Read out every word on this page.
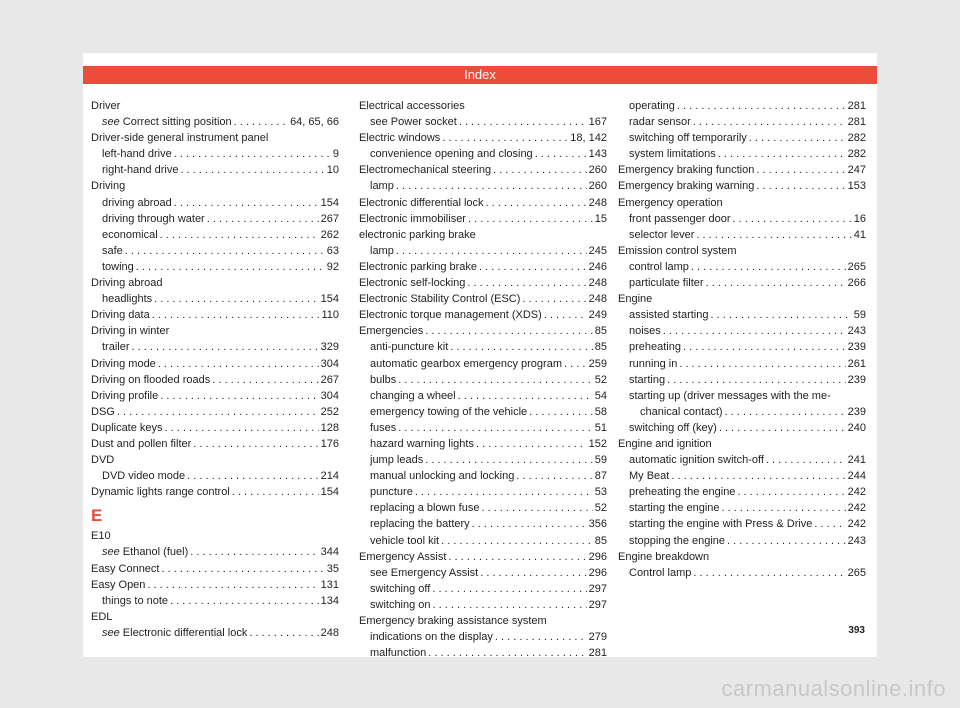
Index
Driver
see Correct sitting position . . .	64, 65, 66
Driver-side general instrument panel
left-hand drive . . .	9
right-hand drive . . .	10
Driving
driving abroad . . .	154
driving through water . . .	267
economical . . .	262
safe . . .	63
towing . . .	92
Driving abroad
headlights . . .	154
Driving data . . .	110
Driving in winter
trailer . . .	329
Driving mode . . .	304
Driving on flooded roads . . .	267
Driving profile . . .	304
DSG . . .	252
Duplicate keys . . .	128
Dust and pollen filter . . .	176
DVD
DVD video mode . . .	214
Dynamic lights range control . . .	154
E
E10
see Ethanol (fuel) . . .	344
Easy Connect . . .	35
Easy Open . . .	131
things to note . . .	134
EDL
see Electronic differential lock . . .	248
Electrical accessories
see Power socket . . .	167
Electric windows . . .	18, 142
convenience opening and closing . . .	143
Electromechanical steering . . .	260
lamp . . .	260
Electronic differential lock . . .	248
Electronic immobiliser . . .	15
electronic parking brake
lamp . . .	245
Electronic parking brake . . .	246
Electronic self-locking . . .	248
Electronic Stability Control (ESC) . . .	248
Electronic torque management (XDS) . . .	249
Emergencies . . .	85
anti-puncture kit . . .	85
automatic gearbox emergency program . . . 259
bulbs . . .	52
changing a wheel . . .	54
emergency towing of the vehicle . . .	58
fuses . . .	51
hazard warning lights . . .	152
jump leads . . .	59
manual unlocking and locking . . .	87
puncture . . .	53
replacing a blown fuse . . .	52
replacing the battery . . .	356
vehicle tool kit . . .	85
Emergency Assist . . .	296
see Emergency Assist . . .	296
switching off . . .	297
switching on . . .	297
Emergency braking assistance system
indications on the display . . .	279
malfunction . . .	281
operating . . .	281
radar sensor . . .	281
switching off temporarily . . .	282
system limitations . . .	282
Emergency braking function . . .	247
Emergency braking warning . . .	153
Emergency operation
front passenger door . . .	16
selector lever . . .	41
Emission control system
control lamp . . .	265
particulate filter . . .	266
Engine
assisted starting . . .	59
noises . . .	243
preheating . . .	239
running in . . .	261
starting . . .	239
starting up (driver messages with the me-
chanical contact) . . .	239
switching off (key) . . .	240
Engine and ignition
automatic ignition switch-off . . .	241
My Beat . . .	244
preheating the engine . . .	242
starting the engine . . .	242
starting the engine with Press & Drive . . .	242
stopping the engine . . .	243
Engine breakdown
Control lamp . . .	265
393
carmanualsonline.info
